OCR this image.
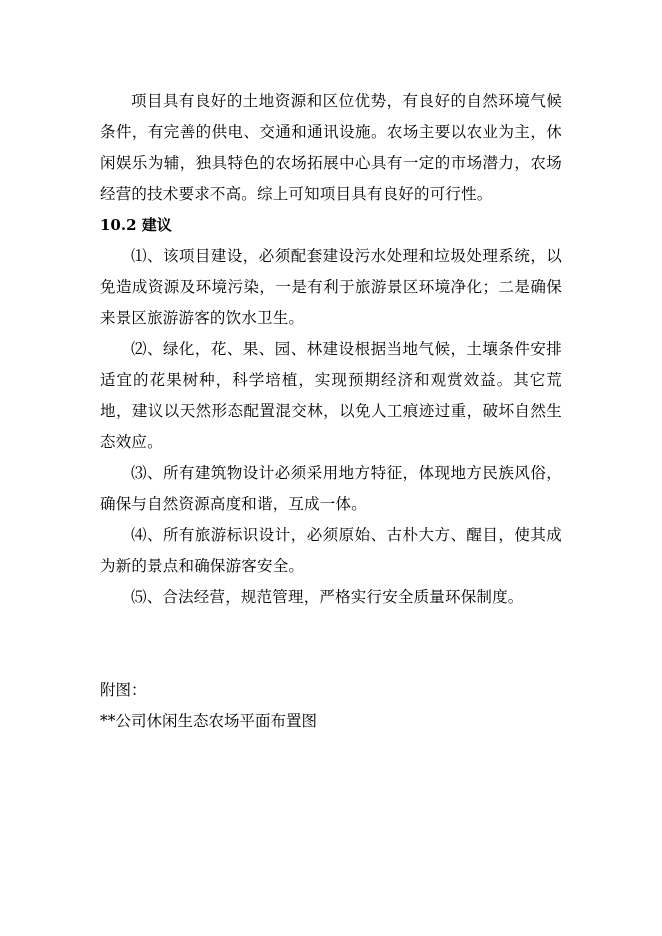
项目具有良好的土地资源和区位优势，有良好的自然环境气候条件，有完善的供电、交通和通讯设施。农场主要以农业为主，休闲娱乐为辅，独具特色的农场拓展中心具有一定的市场潜力，农场经营的技术要求不高。综上可知项目具有良好的可行性。

10.2 建议

⑴、该项目建设，必须配套建设污水处理和垃圾处理系统，以免造成资源及环境污染，一是有利于旅游景区环境净化；二是确保来景区旅游游客的饮水卫生。

⑵、绿化，花、果、园、林建设根据当地气候，土壤条件安排适宜的花果树种，科学培植，实现预期经济和观赏效益。其它荒地，建议以天然形态配置混交林，以免人工痕迹过重，破坏自然生态效应。

⑶、所有建筑物设计必须采用地方特征，体现地方民族风俗，确保与自然资源高度和谐，互成一体。

⑷、所有旅游标识设计，必须原始、古朴大方、醒目，使其成为新的景点和确保游客安全。

⑸、合法经营，规范管理，严格实行安全质量环保制度。

附图：

**公司休闲生态农场平面布置图
